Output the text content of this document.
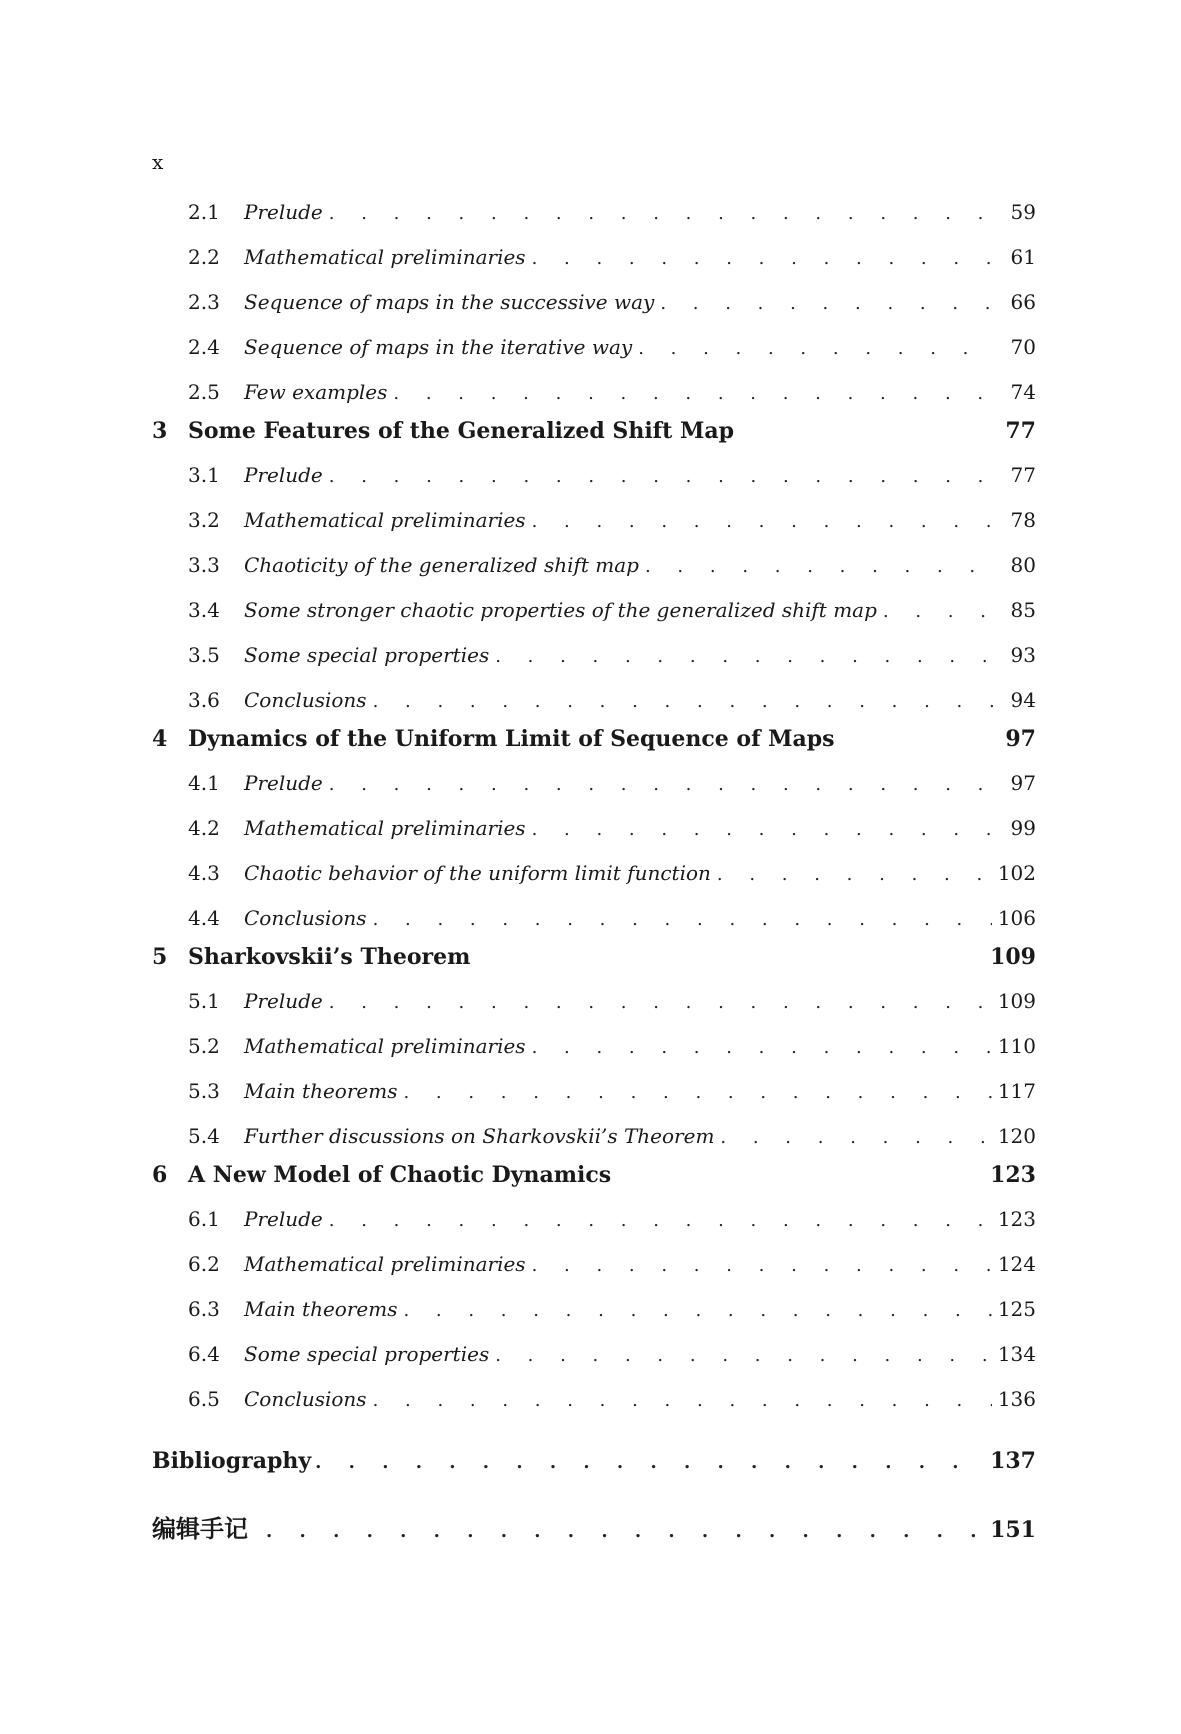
x
2.1	Prelude . . .	59
2.2	Mathematical preliminaries . . .	61
2.3	Sequence of maps in the successive way . . .	66
2.4	Sequence of maps in the iterative way . . .	70
2.5	Few examples . . .	74
3 Some Features of the Generalized Shift Map	77
3.1	Prelude . . .	77
3.2	Mathematical preliminaries . . .	78
3.3	Chaoticity of the generalized shift map . . .	80
3.4	Some stronger chaotic properties of the generalized shift map . . .	85
3.5	Some special properties . . .	93
3.6	Conclusions . . .	94
4 Dynamics of the Uniform Limit of Sequence of Maps	97
4.1	Prelude . . .	97
4.2	Mathematical preliminaries . . .	99
4.3	Chaotic behavior of the uniform limit function . . .	102
4.4	Conclusions . . .	106
5 Sharkovskii’s Theorem	109
5.1	Prelude . . .	109
5.2	Mathematical preliminaries . . .	110
5.3	Main theorems . . .	117
5.4	Further discussions on Sharkovskii’s Theorem . . .	120
6 A New Model of Chaotic Dynamics	123
6.1	Prelude . . .	123
6.2	Mathematical preliminaries . . .	124
6.3	Main theorems . . .	125
6.4	Some special properties . . .	134
6.5	Conclusions . . .	136
Bibliography . . .	137
编辑手记 . . .	151
